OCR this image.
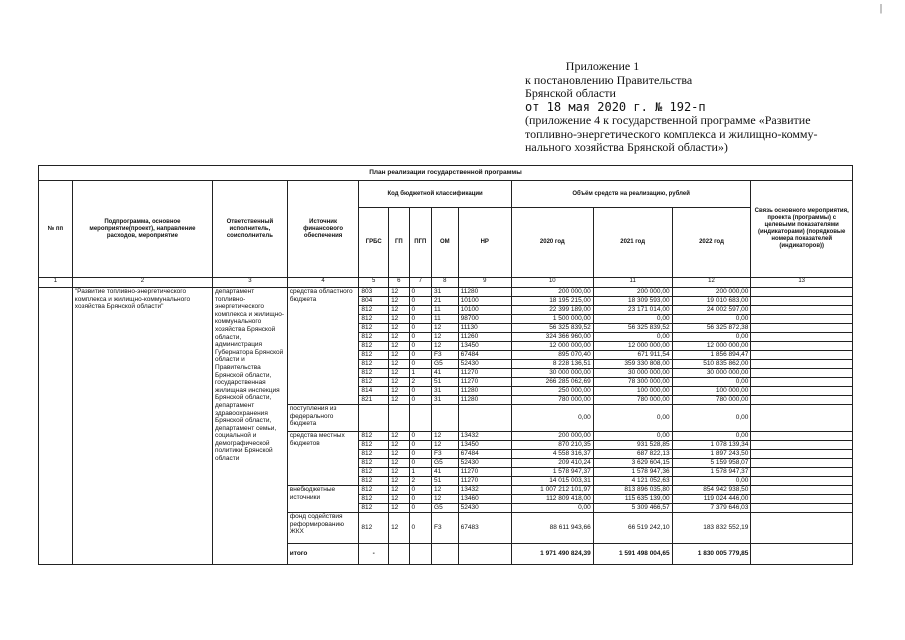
|
Приложение 1
к постановлению Правительства
Брянской области
от 18 мая 2020 г. № 192-п
(приложение 4 к государственной программе «Развитие
топливно-энергетического комплекса и жилищно-комму-
нального хозяйства Брянской области»)
План реализации государственной программы												
№ пп	Подпрограмма, основное мероприятие(проект), направление расходов, мероприятие	Ответственный исполнитель, соисполнитель	Источник финансового обеспечения	Код бюджетной классификации					Объём средств на реализацию, рублей			Связь основного мероприятия, проекта (программы) с целевыми показателями (индикаторами) (порядковые номера показателей (индикаторов))
				ГРБС	ГП	ПГП	ОМ	НР	2020 год	2021 год	2022 год	
1	2	3	4	5	6	7	8	9	10	11	12	13
	"Развитие топливно-энергетического комплекса и жилищно-коммунального хозяйства Брянской области"	департамент топливно-энергетического комплекса и жилищно-коммунального хозяйства Брянской области, администрация Губернатора Брянской области и Правительства Брянской области, государственная жилищная инспекция Брянской области, департамент здравоохранения Брянской области, департамент семьи, социальной и демографической политики Брянской области	средства областного бюджета	803	12	0	31	11280	200 000,00	200 000,00	200 000,00	
				804	12	0	21	10100	18 195 215,00	18 309 593,00	19 010 683,00	
				812	12	0	11	10100	22 399 189,00	23 171 014,00	24 002 597,00	
				812	12	0	11	98700	1 500 000,00	0,00	0,00	
				812	12	0	12	11130	56 325 839,52	56 325 839,52	56 325 872,38	
				812	12	0	12	11260	324 366 960,00	0,00	0,00	
				812	12	0	12	13450	12 000 000,00	12 000 000,00	12 000 000,00	
				812	12	0	F3	67484	895 070,40	671 911,54	1 856 894,47	
				812	12	0	G5	52430	8 228 136,51	359 330 808,00	510 835 862,00	
				812	12	1	41	11270	30 000 000,00	30 000 000,00	30 000 000,00	
				812	12	2	51	11270	266 285 062,69	78 300 000,00	0,00	
				814	12	0	31	11280	250 000,00	100 000,00	100 000,00	
				821	12	0	31	11280	780 000,00	780 000,00	780 000,00	
			поступления из федерального бюджета						0,00	0,00	0,00	
			средства местных бюджетов	812	12	0	12	13432	200 000,00	0,00	0,00	
				812	12	0	12	13450	870 210,35	931 528,85	1 078 139,34	
				812	12	0	F3	67484	4 558 316,37	687 822,13	1 897 243,50	
				812	12	0	G5	52430	209 410,24	3 629 604,15	5 159 958,07	
				812	12	1	41	11270	1 578 947,37	1 578 947,36	1 578 947,37	
				812	12	2	51	11270	14 015 003,31	4 121 052,63	0,00	
			внебюджетные источники	812	12	0	12	13432	1 007 212 101,97	813 896 035,80	854 942 938,50	
				812	12	0	12	13460	112 809 418,00	115 635 139,00	119 024 446,00	
				812	12	0	G5	52430	0,00	5 309 466,57	7 379 646,03	
			фонд содействия реформированию ЖКХ	812	12	0	F3	67483	88 611 943,66	66 519 242,10	183 832 552,19	
			итого	-					1 971 490 824,39	1 591 498 004,65	1 830 005 779,85	
